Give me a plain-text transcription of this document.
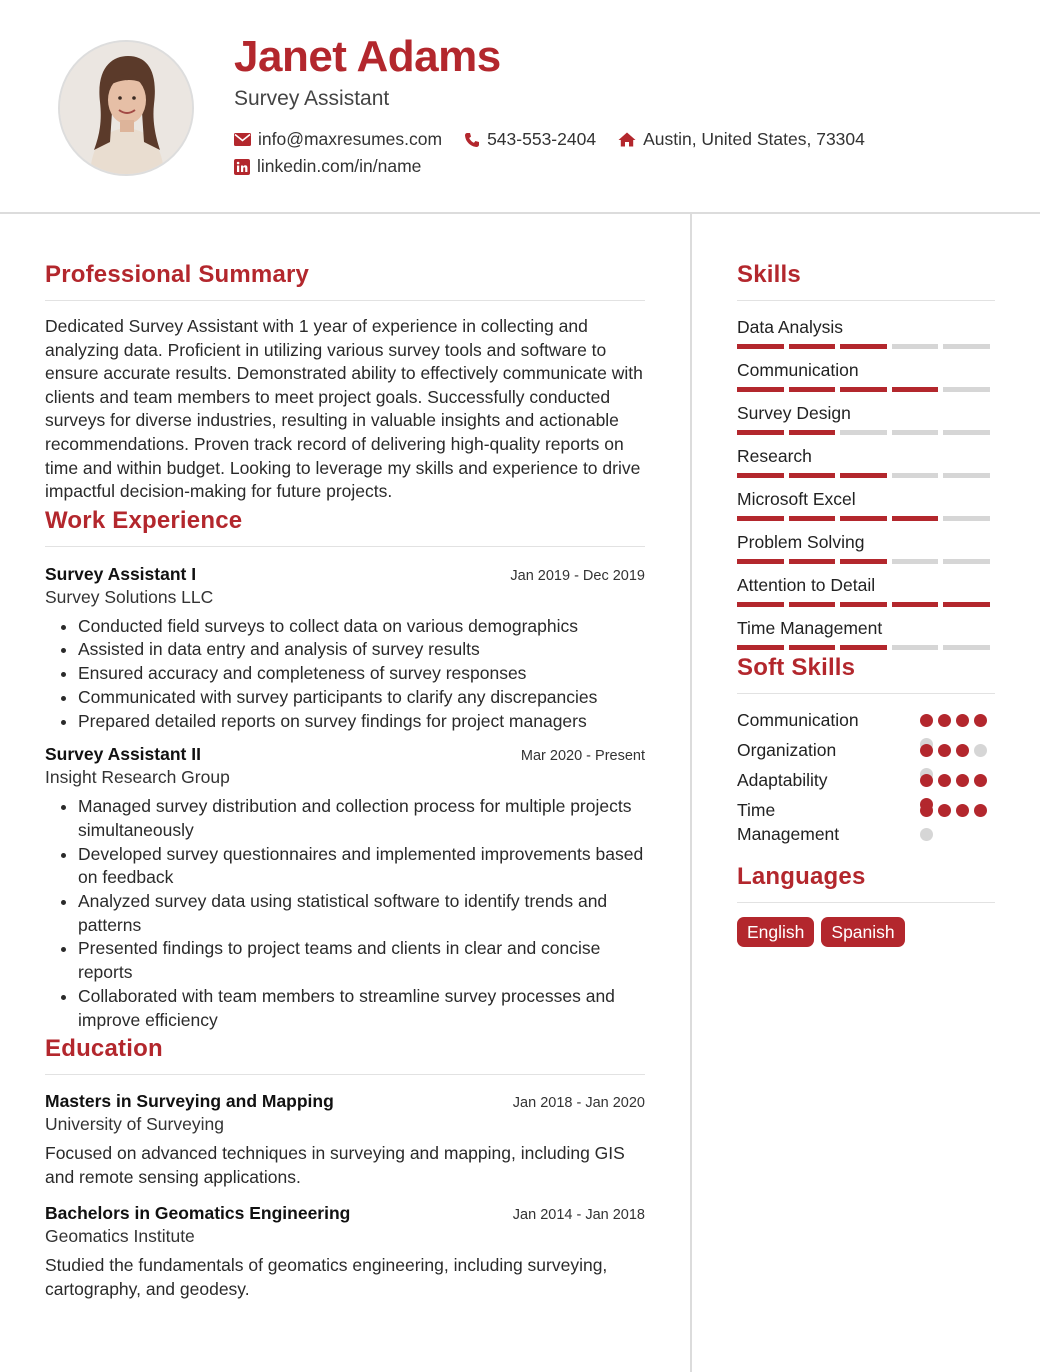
Janet Adams
Survey Assistant
info@maxresumes.com	543-553-2404	Austin, United States, 73304
linkedin.com/in/name
Professional Summary

Dedicated Survey Assistant with 1 year of experience in collecting and analyzing data. Proficient in utilizing various survey tools and software to ensure accurate results. Demonstrated ability to effectively communicate with clients and team members to meet project goals. Successfully conducted surveys for diverse industries, resulting in valuable insights and actionable recommendations. Proven track record of delivering high-quality reports on time and within budget. Looking to leverage my skills and experience to drive impactful decision-making for future projects.

Work Experience
Survey Assistant I	Jan 2019 - Dec 2019
Survey Solutions LLC
• Conducted field surveys to collect data on various demographics
• Assisted in data entry and analysis of survey results
• Ensured accuracy and completeness of survey responses
• Communicated with survey participants to clarify any discrepancies
• Prepared detailed reports on survey findings for project managers
Survey Assistant II	Mar 2020 - Present
Insight Research Group
• Managed survey distribution and collection process for multiple projects simultaneously
• Developed survey questionnaires and implemented improvements based on feedback
• Analyzed survey data using statistical software to identify trends and patterns
• Presented findings to project teams and clients in clear and concise reports
• Collaborated with team members to streamline survey processes and improve efficiency
Education
Masters in Surveying and Mapping	Jan 2018 - Jan 2020
University of Surveying

Focused on advanced techniques in surveying and mapping, including GIS and remote sensing applications.

Bachelors in Geomatics Engineering	Jan 2014 - Jan 2018
Geomatics Institute

Studied the fundamentals of geomatics engineering, including surveying, cartography, and geodesy.

Skills
Data Analysis
Communication
Survey Design
Research
Microsoft Excel
Problem Solving
Attention to Detail
Time Management
Soft Skills
Communication
Organization
Adaptability
Time Management
Languages
English	Spanish
